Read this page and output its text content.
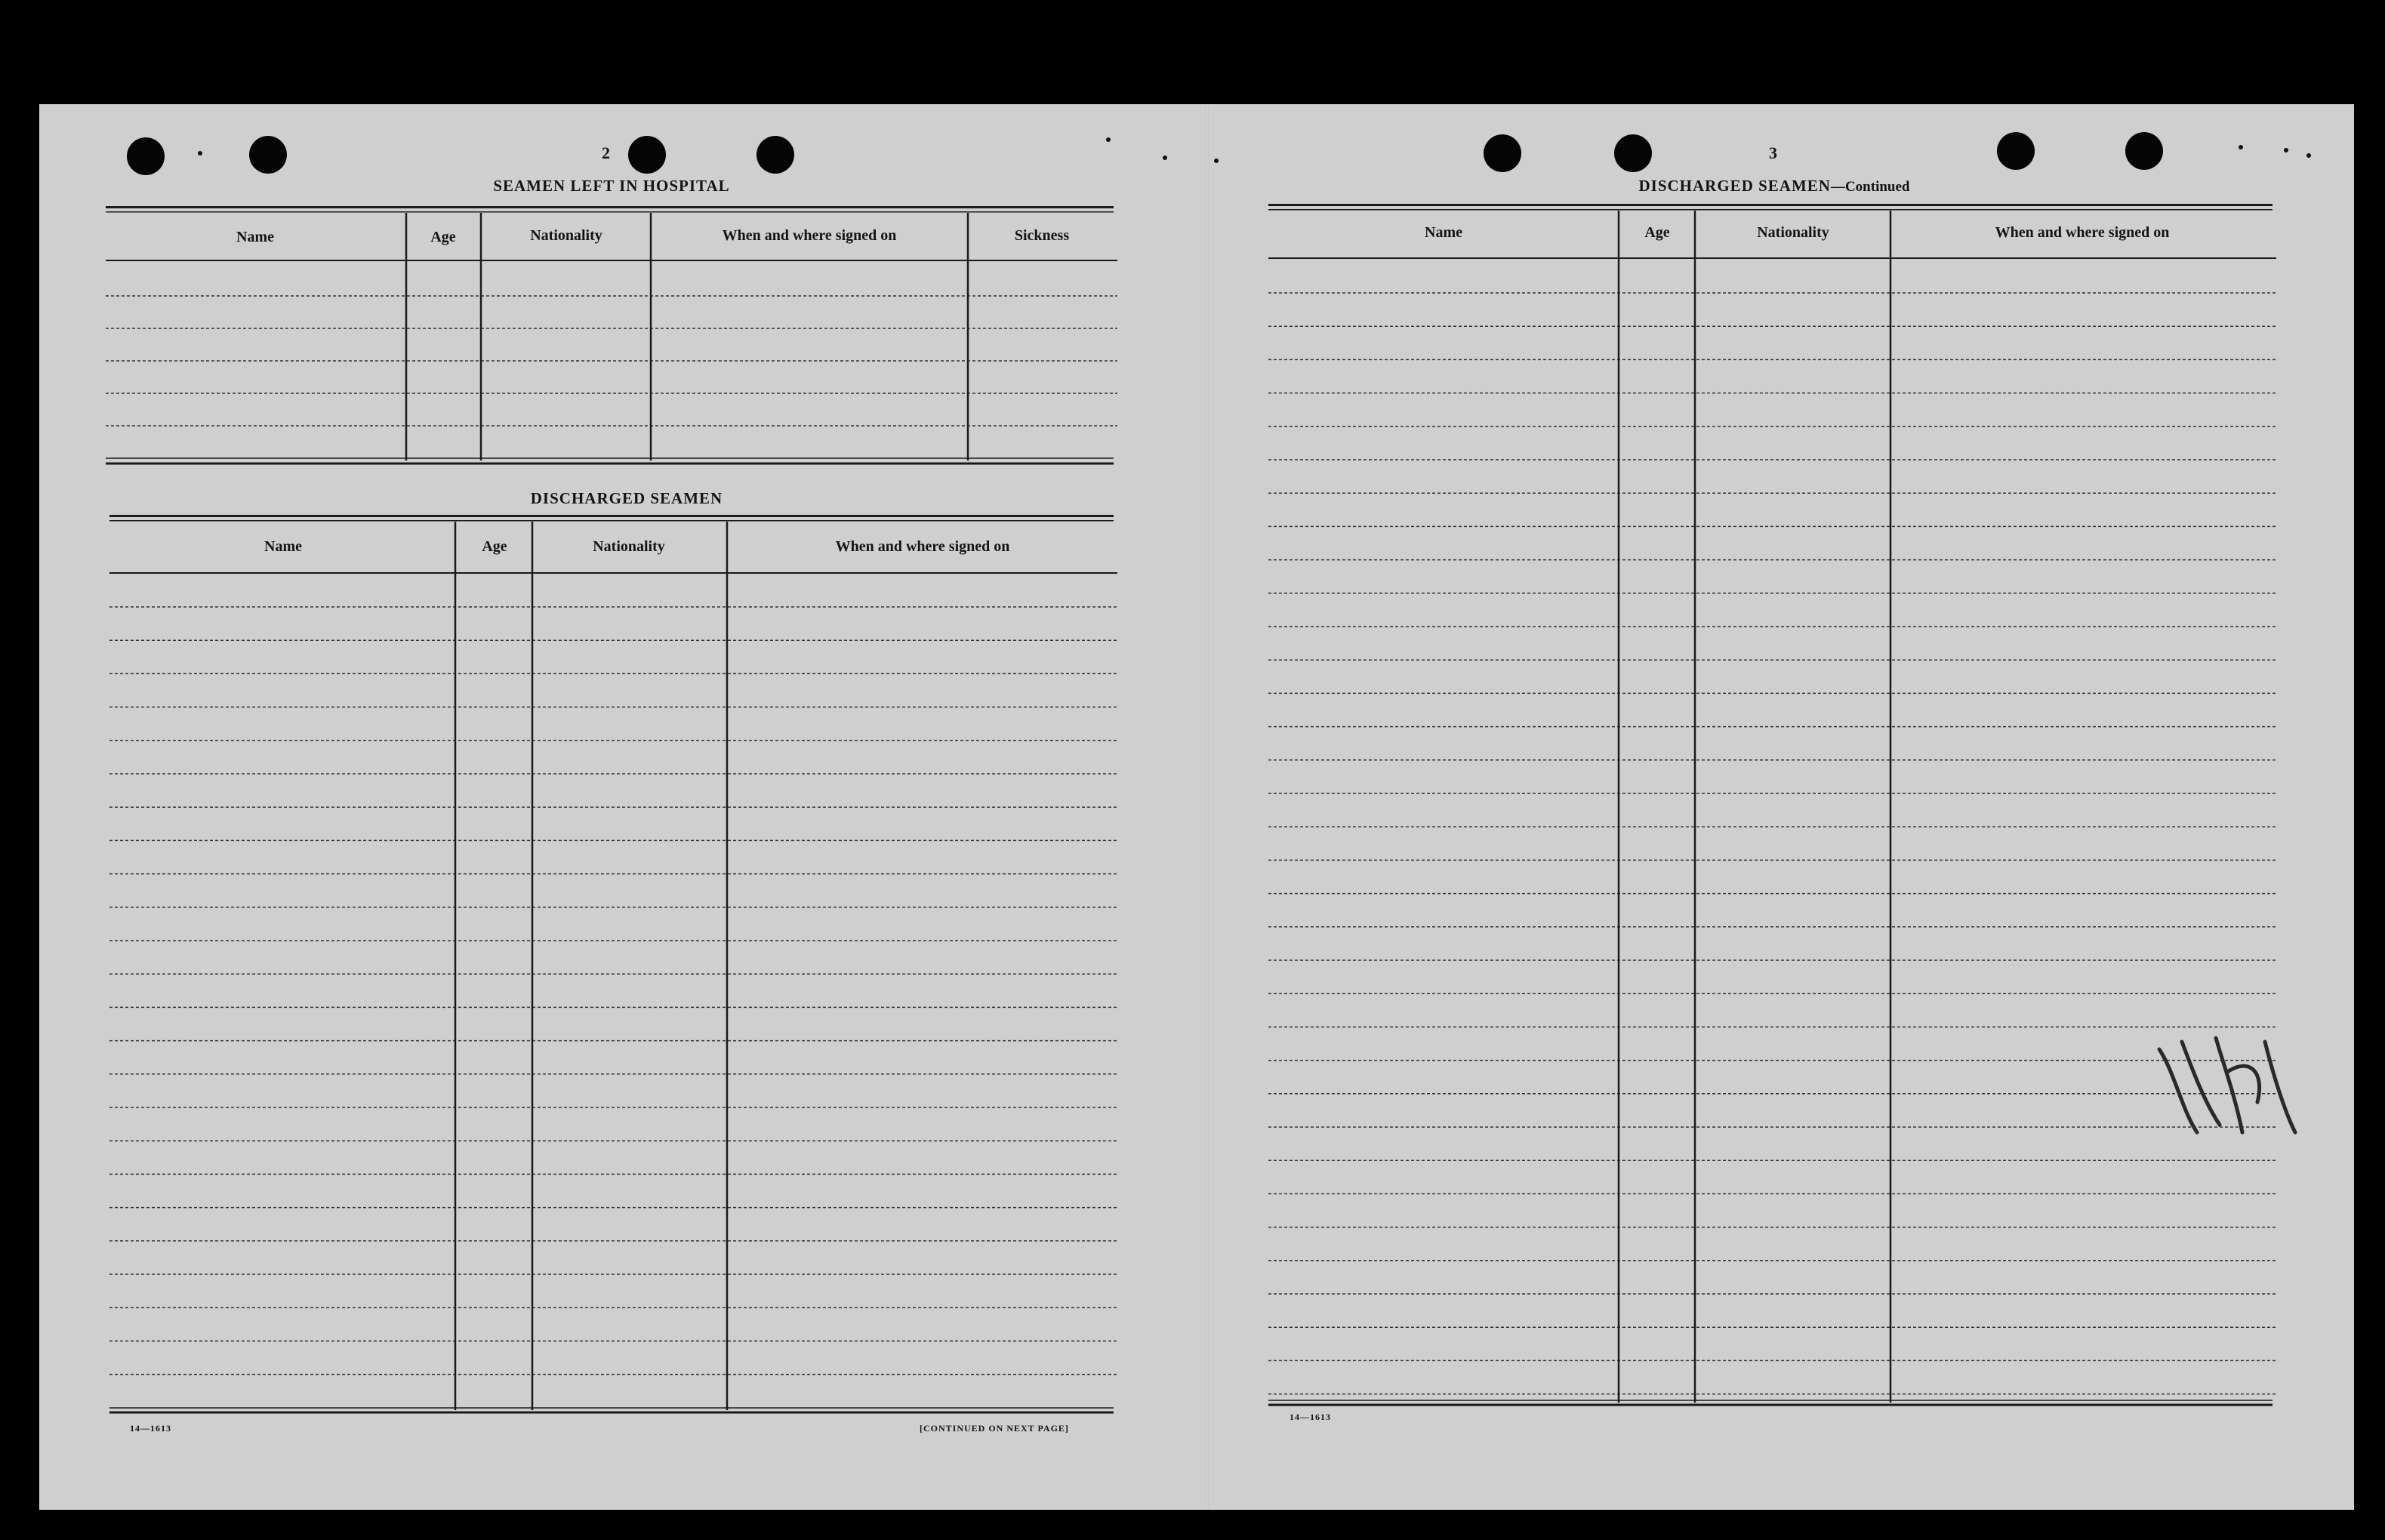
2
SEAMEN LEFT IN HOSPITAL
Name	Age	Nationality	When and where signed on	Sickness
DISCHARGED SEAMEN
Name	Age	Nationality	When and where signed on
14—1613	[CONTINUED ON NEXT PAGE]
3
DISCHARGED SEAMEN—Continued
Name	Age	Nationality	When and where signed on
14—1613
